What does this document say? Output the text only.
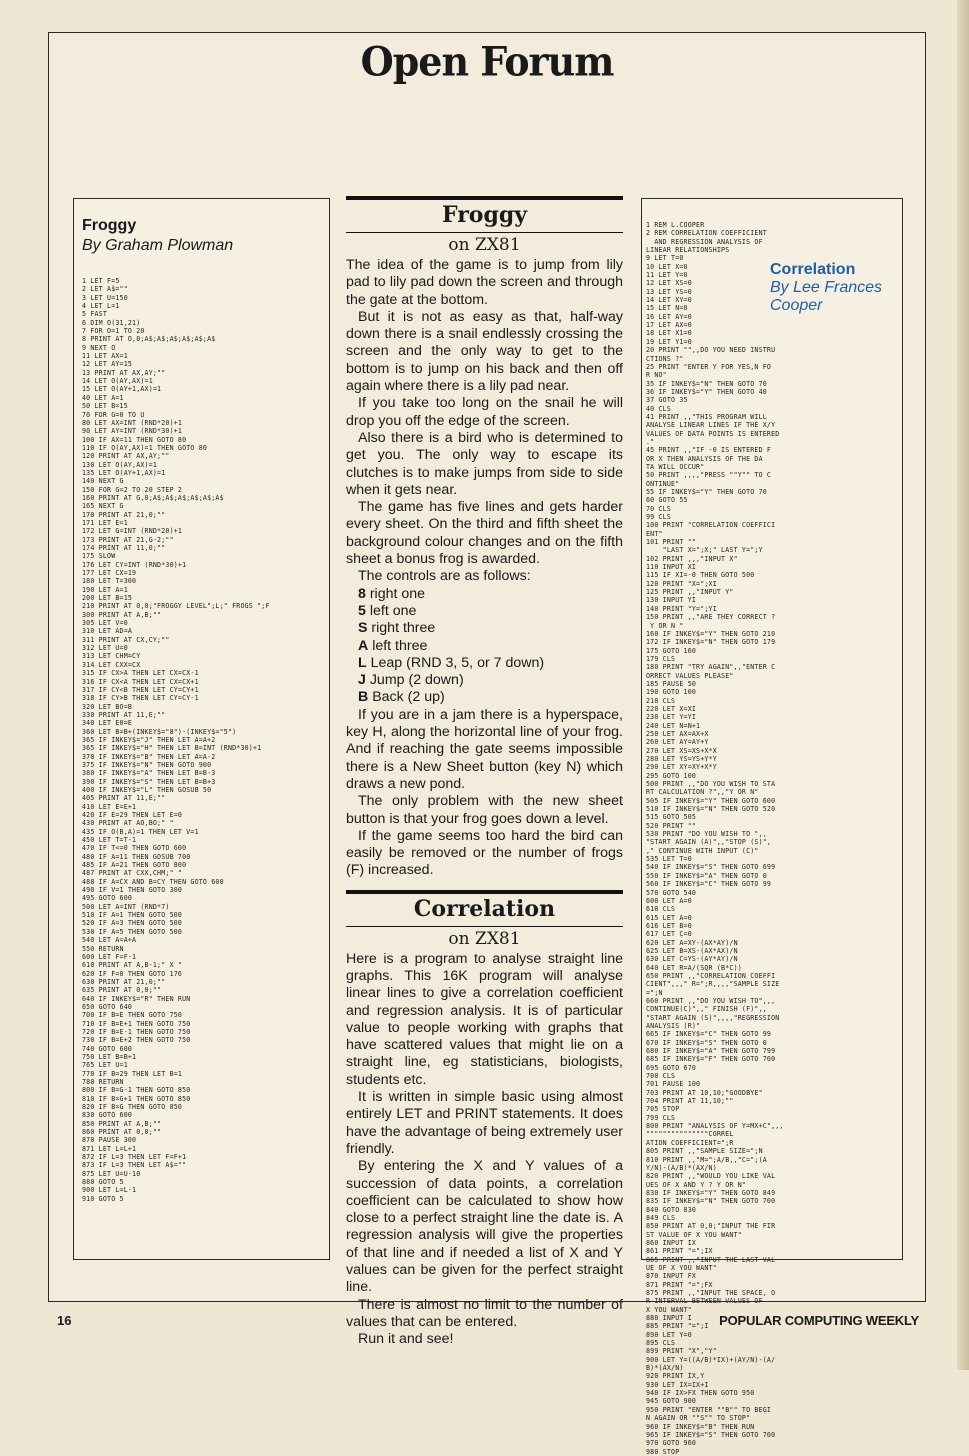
Open Forum
Froggy
By Graham Plowman
1 LET F=5
2 LET A$=""
3 LET U=150
4 LET L=1
5 FAST
6 DIM O(31,21)
7 FOR O=1 TO 20
8 PRINT AT O,0;A$;A$;A$;A$;A$;A$
9 NEXT O
11 LET AX=1
12 LET AY=15
13 PRINT AT AX,AY;""
14 LET O(AY,AX)=1
15 LET O(AY+1,AX)=1
40 LET A=1
50 LET B=15
70 FOR G=0 TO U
80 LET AX=INT (RND*20)+1
90 LET AY=INT (RND*30)+1
100 IF AX=11 THEN GOTO 80
110 IF O(AY,AX)=1 THEN GOTO 80
120 PRINT AT AX,AY;""
130 LET O(AY,AX)=1
135 LET O(AY+1,AX)=1
140 NEXT G
150 FOR G=2 TO 20 STEP 2
160 PRINT AT G,0;A$;A$;A$;A$;A$;A$
165 NEXT G
170 PRINT AT 21,0;""
171 LET E=1
172 LET G=INT (RND*20)+1
173 PRINT AT 21,G-2;""
174 PRINT AT 11,0;""
175 SLOW
176 LET CY=INT (RND*30)+1
177 LET CX=19
180 LET T=300
190 LET A=1
200 LET B=15
210 PRINT AT 0,0;"FROGGY LEVEL";L;" FROGS ";F
300 PRINT AT A,B;""
305 LET V=0
310 LET AD=A
311 PRINT AT CX,CY;""
312 LET U=0
313 LET CHM=CY
314 LET CXX=CX
315 IF CX>A THEN LET CX=CX-1
316 IF CX<A THEN LET CX=CX+1
317 IF CY<B THEN LET CY=CY+1
318 IF CY>B THEN LET CY=CY-1
320 LET BO=B
330 PRINT AT 11,E;""
340 LET E0=E
360 LET B=B+(INKEY$="8")-(INKEY$="5")
365 IF INKEY$="J" THEN LET A=A+2
365 IF INKEY$="H" THEN LET B=INT (RND*30)+1
370 IF INKEY$="B" THEN LET A=A-2
375 IF INKEY$="N" THEN GOTO 900
380 IF INKEY$="A" THEN LET B=B-3
390 IF INKEY$="S" THEN LET B=B+3
400 IF INKEY$="L" THEN GOSUB 50
405 PRINT AT 11,E;""
410 LET E=E+1
420 IF E=29 THEN LET E=0
430 PRINT AT AO,BO;" "
435 IF O(B,A)=1 THEN LET V=1
450 LET T=T-1
470 IF T<=0 THEN GOTO 600
480 IF A=11 THEN GOSUB 700
485 IF A=21 THEN GOTO 800
487 PRINT AT CXX,CHM;" "
488 IF A=CX AND B=CY THEN GOTO 600
490 IF V=1 THEN GOTO 300
495 GOTO 600
500 LET A=INT (RND*7)
510 IF A=1 THEN GOTO 500
520 IF A=3 THEN GOTO 500
530 IF A=5 THEN GOTO 500
540 LET A=A+A
550 RETURN
600 LET F=F-1
610 PRINT AT A,B-1;" X "
620 IF F=0 THEN GOTO 176
630 PRINT AT 21,0;""
635 PRINT AT 0,0;""
640 IF INKEY$="R" THEN RUN
650 GOTO 640
700 IF B=E THEN GOTO 750
710 IF B=E+1 THEN GOTO 750
720 IF B=E-1 THEN GOTO 750
730 IF B=E+2 THEN GOTO 750
740 GOTO 600
750 LET B=B+1
765 LET U=1
770 IF B=29 THEN LET B=1
780 RETURN
800 IF B=G-1 THEN GOTO 850
810 IF B=G+1 THEN GOTO 850
820 IF B=G THEN GOTO 850
830 GOTO 600
850 PRINT AT A,B;""
860 PRINT AT 0,0;""
870 PAUSE 300
871 LET L=L+1
872 IF L=3 THEN LET F=F+1
873 IF L=3 THEN LET A$=""
875 LET U=U-10
880 GOTO 5
900 LET L=L-1
910 GOTO 5
Froggy
on ZX81

The idea of the game is to jump from lily pad to lily pad down the screen and through the gate at the bottom.

But it is not as easy as that, half-way down there is a snail endlessly crossing the screen and the only way to get to the bottom is to jump on his back and then off again where there is a lily pad near.

If you take too long on the snail he will drop you off the edge of the screen.

Also there is a bird who is determined to get you. The only way to escape its clutches is to make jumps from side to side when it gets near.

The game has five lines and gets harder every sheet. On the third and fifth sheet the background colour changes and on the fifth sheet a bonus frog is awarded.

The controls are as follows:

8 right one
5 left one
S right three
A left three
L Leap (RND 3, 5, or 7 down)
J Jump (2 down)
B Back (2 up)

If you are in a jam there is a hyperspace, key H, along the horizontal line of your frog. And if reaching the gate seems impossible there is a New Sheet button (key N) which draws a new pond.

The only problem with the new sheet button is that your frog goes down a level.

If the game seems too hard the bird can easily be removed or the number of frogs (F) increased.

Correlation
on ZX81

Here is a program to analyse straight line graphs. This 16K program will analyse linear lines to give a correlation coefficient and regression analysis. It is of particular value to people working with graphs that have scattered values that might lie on a straight line, eg statisticians, biologists, students etc.

It is written in simple basic using almost entirely LET and PRINT statements. It does have the advantage of being extremely user friendly.

By entering the X and Y values of a succession of data points, a correlation coefficient can be calculated to show how close to a perfect straight line the date is. A regression analysis will give the properties of that line and if needed a list of X and Y values can be given for the perfect straight line.

There is almost no limit to the number of values that can be entered.

Run it and see!

Correlation
By Lee Frances Cooper
1 REM L.COOPER
2 REM CORRELATION COEFFICIENT
AND REGRESSION ANALYSIS OF
LINEAR RELATIONSHIPS
9 LET T=0
10 LET X=0
11 LET Y=0
12 LET XS=0
13 LET YS=0
14 LET XY=0
15 LET N=0
16 LET AY=0
17 LET AX=0
18 LET X1=0
19 LET Y1=0
20 PRINT "",,DO YOU NEED INSTRU
CTIONS ?"
25 PRINT "ENTER Y FOR YES,N FO
R NO"
35 IF INKEY$="N" THEN GOTO 70
36 IF INKEY$="Y" THEN GOTO 40
37 GOTO 35
40 CLS
41 PRINT ,,"THIS PROGRAM WILL
ANALYSE LINEAR LINES IF THE X/Y
VALUES OF DATA POINTS IS ENTERED
."
45 PRINT ,,"IF -0 IS ENTERED F
OR X THEN ANALYSIS OF THE DA
TA WILL OCCUR"
50 PRINT ,,,,"PRESS ""Y"" TO C
ONTINUE"
55 IF INKEY$="Y" THEN GOTO 70
60 GOTO 55
70 CLS
99 CLS
100 PRINT "CORRELATION COEFFICI
ENT"
101 PRINT ""
"LAST X=";X;" LAST Y=";Y
102 PRINT ,,,"INPUT X"
110 INPUT XI
115 IF XI=-0 THEN GOTO 500
120 PRINT "X=";XI
125 PRINT ,,"INPUT Y"
130 INPUT YI
140 PRINT "Y=";YI
150 PRINT ,,"ARE THEY CORRECT ?
Y OR N "
160 IF INKEY$="Y" THEN GOTO 210
172 IF INKEY$="N" THEN GOTO 179
175 GOTO 160
179 CLS
180 PRINT "TRY AGAIN",,"ENTER C
ORRECT VALUES PLEASE"
185 PAUSE 50
190 GOTO 100
210 CLS
220 LET X=XI
230 LET Y=YI
240 LET N=N+1
250 LET AX=AX+X
260 LET AY=AY+Y
270 LET XS=XS+X*X
280 LET YS=YS+Y*Y
290 LET XY=XY+X*Y
295 GOTO 100
500 PRINT ,,"DO YOU WISH TO STA
RT CALCULATION ?",,"Y OR N"
505 IF INKEY$="Y" THEN GOTO 600
510 IF INKEY$="N" THEN GOTO 520
515 GOTO 505
520 PRINT ""
530 PRINT "DO YOU WISH TO ",,
"START AGAIN (A)",,"STOP (S)",
," CONTINUE WITH INPUT (C)"
535 LET T=0
540 IF INKEY$="S" THEN GOTO 699
550 IF INKEY$="A" THEN GOTO 0
560 IF INKEY$="C" THEN GOTO 99
570 GOTO 540
600 LET A=0
610 CLS
615 LET A=0
616 LET B=0
617 LET C=0
620 LET A=XY-(AX*AY)/N
625 LET B=XS-(AX*AX)/N
630 LET C=YS-(AY*AY)/N
640 LET R=A/(SQR (B*C))
650 PRINT ,,"CORRELATION COEFFI
CIENT",,," R=";R,,,,"SAMPLE SIZE
=";N
660 PRINT ,,"DO YOU WISH TO",,,
CONTINUE(C)",," FINISH (F)",,
"START AGAIN (S)",,,,"REGRESSION
ANALYSIS (R)"
665 IF INKEY$="C" THEN GOTO 99
670 IF INKEY$="S" THEN GOTO 0
680 IF INKEY$="A" THEN GOTO 799
685 IF INKEY$="F" THEN GOTO 700
695 GOTO 670
700 CLS
701 PAUSE 100
703 PRINT AT 10,10;"GOODBYE"
704 PRINT AT 11,10;""
705 STOP
799 CLS
800 PRINT "ANALYSIS OF Y=MX+C",,,
"""""""""""""""CORREL
ATION COEFFICIENT=";R
805 PRINT ,,"SAMPLE SIZE=";N
810 PRINT ,,"M=";A/B,,"C=";(A
Y/N)-(A/B)*(AX/N)
820 PRINT ,,"WOULD YOU LIKE VAL
UES OF X AND Y ? Y OR N"
830 IF INKEY$="Y" THEN GOTO 849
835 IF INKEY$="N" THEN GOTO 700
840 GOTO 830
849 CLS
850 PRINT AT 0,0;"INPUT THE FIR
ST VALUE OF X YOU WANT"
860 INPUT IX
861 PRINT "=";IX
865 PRINT ,,"INPUT THE LAST VAL
UE OF X YOU WANT"
870 INPUT FX
871 PRINT "=";FX
875 PRINT ,,"INPUT THE SPACE, O
R INTERVAL BETWEEN VALUES OF
X YOU WANT"
880 INPUT I
885 PRINT "=";I
890 LET Y=0
895 CLS
899 PRINT "X","Y"
900 LET Y=((A/B)*IX)+(AY/N)-(A/
B)*(AX/N)
920 PRINT IX,Y
930 LET IX=IX+I
940 IF IX>FX THEN GOTO 950
945 GOTO 900
950 PRINT "ENTER ""B"" TO BEGI
N AGAIN OR ""S"" TO STOP"
960 IF INKEY$="B" THEN RUN
965 IF INKEY$="S" THEN GOTO 700
970 GOTO 960
980 STOP
16	POPULAR COMPUTING WEEKLY
